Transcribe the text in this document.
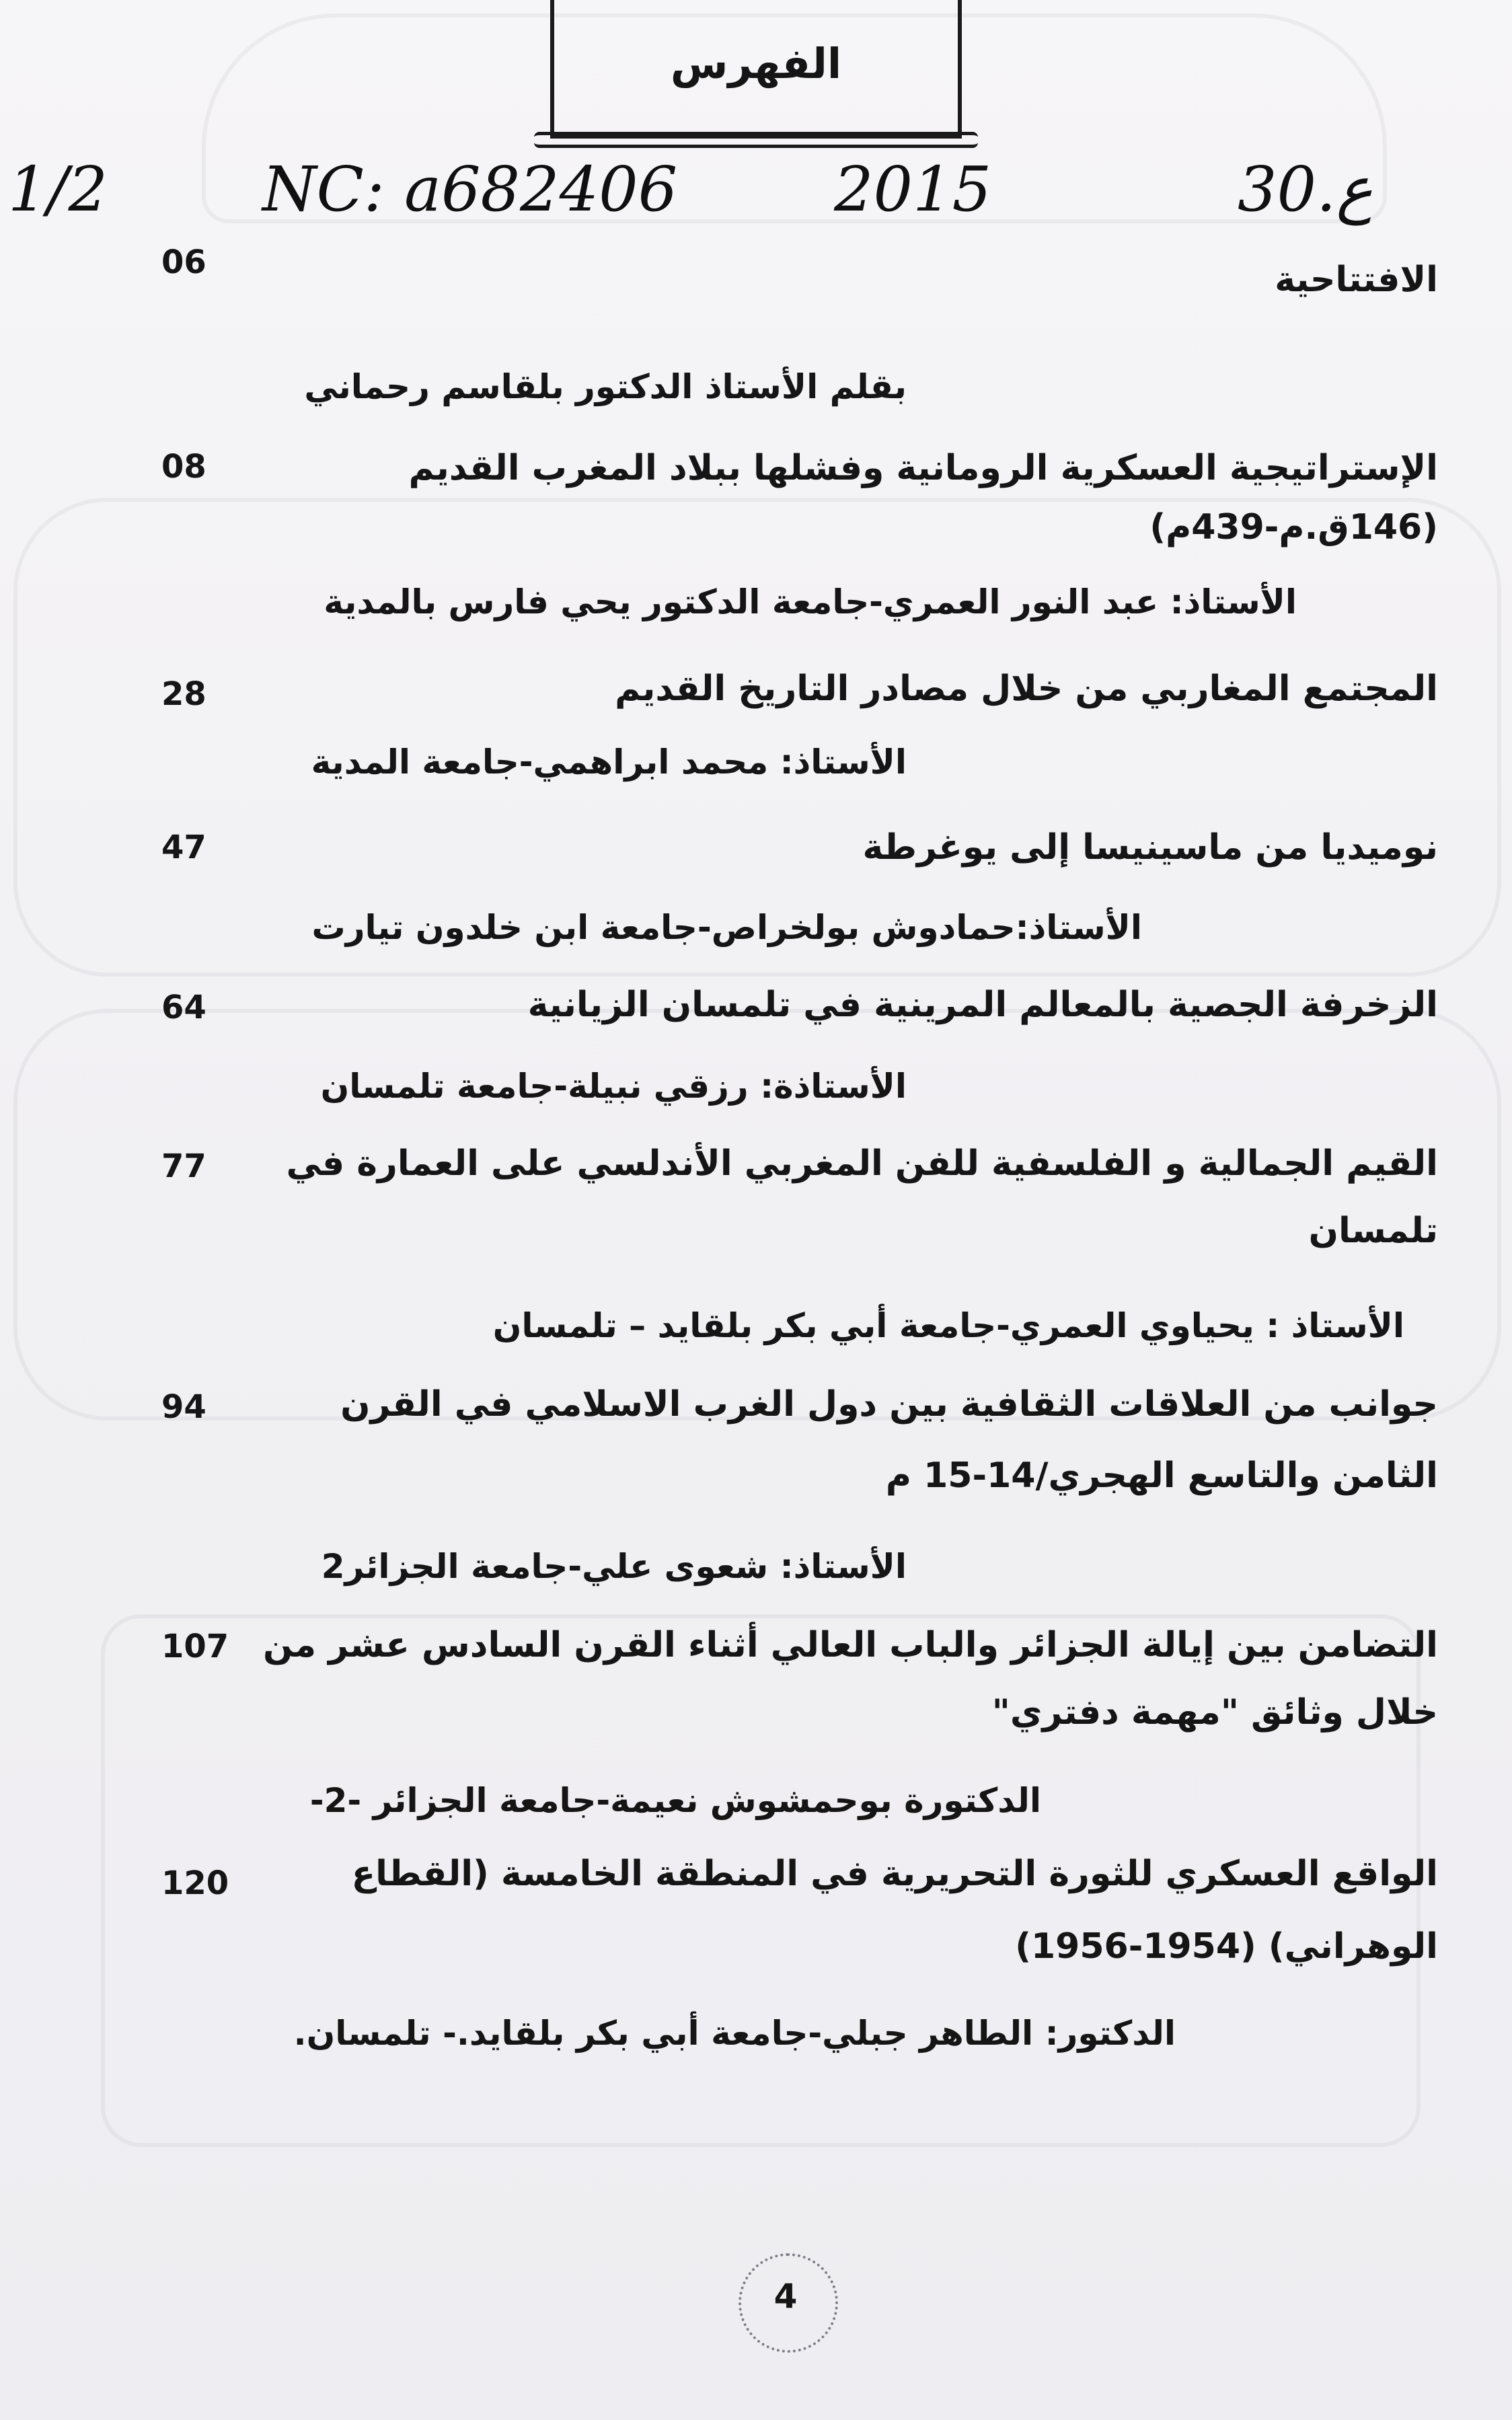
الفهرس
1/2 NC: a682406	2015	30.ع
الافتتاحية
06
بقلم الأستاذ الدكتور بلقاسم رحماني
الإستراتيجية العسكرية الرومانية وفشلها ببلاد المغرب القديم
(146ق.م-439م)
08
الأستاذ: عبد النور العمري-جامعة الدكتور يحي فارس بالمدية
المجتمع المغاربي من خلال مصادر التاريخ القديم
28
الأستاذ: محمد ابراهمي-جامعة المدية
نوميديا من ماسينيسا إلى يوغرطة
47
الأستاذ:حمادوش بولخراص-جامعة ابن خلدون تيارت
الزخرفة الجصية بالمعالم المرينية في تلمسان الزيانية
64
الأستاذة: رزقي نبيلة-جامعة تلمسان
القيم الجمالية و الفلسفية للفن المغربي الأندلسي على العمارة في
تلمسان
77
الأستاذ : يحياوي العمري-جامعة أبي بكر بلقايد – تلمسان
جوانب من العلاقات الثقافية بين دول الغرب الاسلامي في القرن
الثامن والتاسع الهجري/14-15 م
94
الأستاذ: شعوى علي-جامعة الجزائر2
التضامن بين إيالة الجزائر والباب العالي أثناء القرن السادس عشر من
خلال وثائق "مهمة دفتري"
107
الدكتورة بوحمشوش نعيمة-جامعة الجزائر -2-
الواقع العسكري للثورة التحريرية في المنطقة الخامسة (القطاع
الوهراني) (1954-1956)
120
الدكتور: الطاهر جبلي-جامعة أبي بكر بلقايد.- تلمسان.
4
